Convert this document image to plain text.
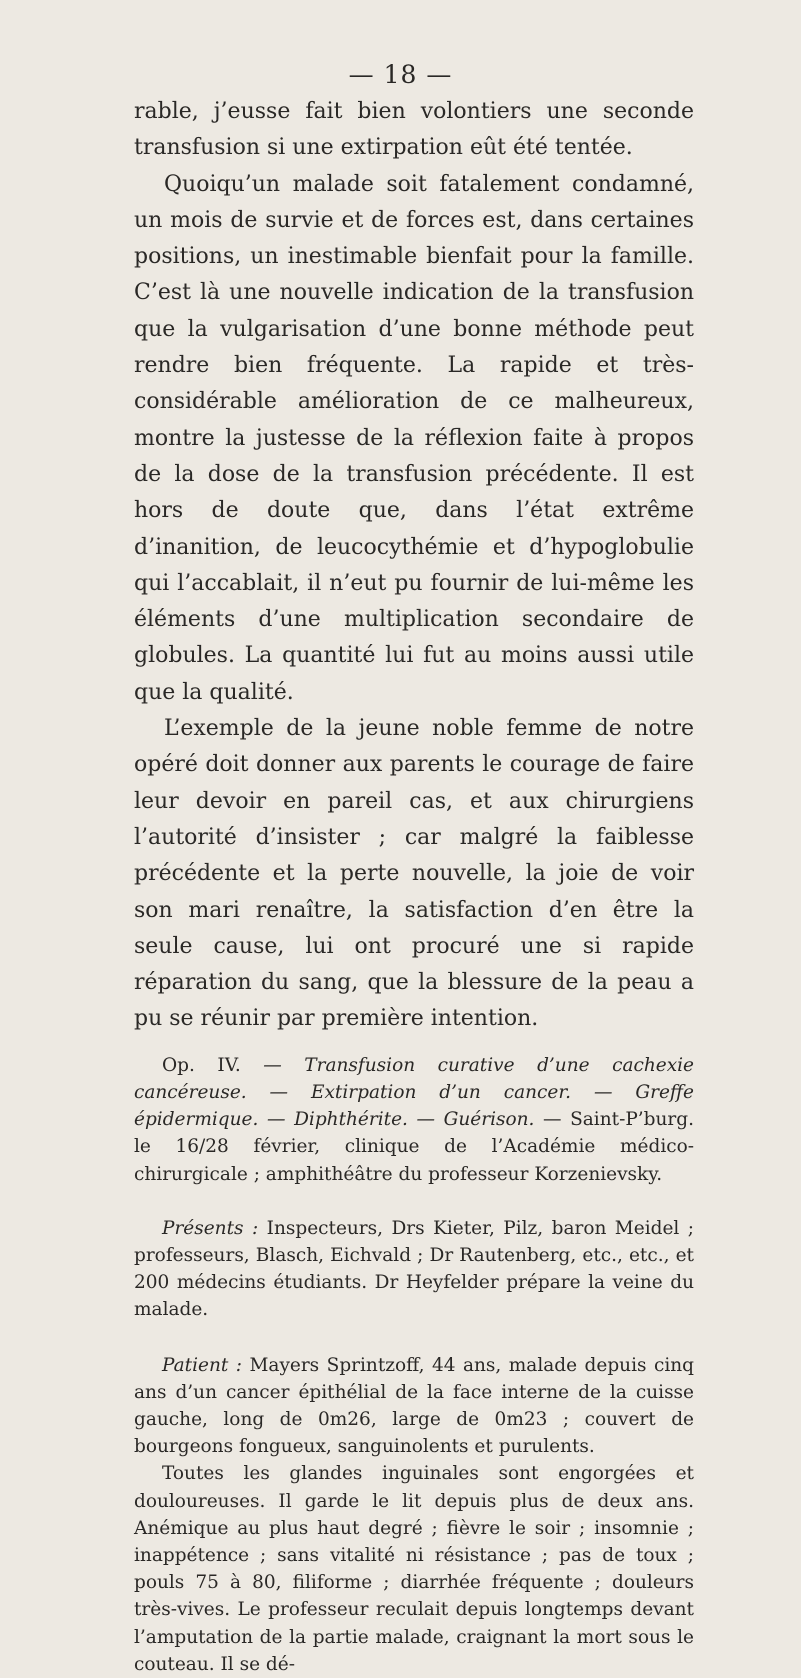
— 18 —

rable, j’eusse fait bien volontiers une seconde transfusion si une extirpation eût été tentée.

Quoiqu’un malade soit fatalement condamné, un mois de survie et de forces est, dans certaines positions, un inestimable bienfait pour la famille. C’est là une nouvelle indication de la transfusion que la vulgarisation d’une bonne méthode peut rendre bien fréquente. La rapide et très-considérable amélioration de ce malheureux, montre la justesse de la réflexion faite à propos de la dose de la transfusion précédente. Il est hors de doute que, dans l’état extrême d’inanition, de leucocythémie et d’hypoglobulie qui l’accablait, il n’eut pu fournir de lui-même les éléments d’une multiplication secondaire de globules. La quantité lui fut au moins aussi utile que la qualité.

L’exemple de la jeune noble femme de notre opéré doit donner aux parents le courage de faire leur devoir en pareil cas, et aux chirurgiens l’autorité d’insister ; car malgré la faiblesse précédente et la perte nouvelle, la joie de voir son mari renaître, la satisfaction d’en être la seule cause, lui ont procuré une si rapide réparation du sang, que la blessure de la peau a pu se réunir par première intention.

Op. IV. — Transfusion curative d’une cachexie cancéreuse. — Extirpation d’un cancer. — Greffe épidermique. — Diphthérite. — Guérison. — Saint-P’burg. le 16/28 février, clinique de l’Académie médico-chirurgicale ; amphithéâtre du professeur Korzenievsky.

Présents : Inspecteurs, Drs Kieter, Pilz, baron Meidel ; professeurs, Blasch, Eichvald ; Dr Rautenberg, etc., etc., et 200 médecins étudiants. Dr Heyfelder prépare la veine du malade.

Patient : Mayers Sprintzoff, 44 ans, malade depuis cinq ans d’un cancer épithélial de la face interne de la cuisse gauche, long de 0m26, large de 0m23 ; couvert de bourgeons fongueux, sanguinolents et purulents.

Toutes les glandes inguinales sont engorgées et douloureuses. Il garde le lit depuis plus de deux ans. Anémique au plus haut degré ; fièvre le soir ; insomnie ; inappétence ; sans vitalité ni résistance ; pas de toux ; pouls 75 à 80, filiforme ; diarrhée fréquente ; douleurs très-vives. Le professeur reculait depuis longtemps devant l’amputation de la partie malade, craignant la mort sous le couteau. Il se dé-
